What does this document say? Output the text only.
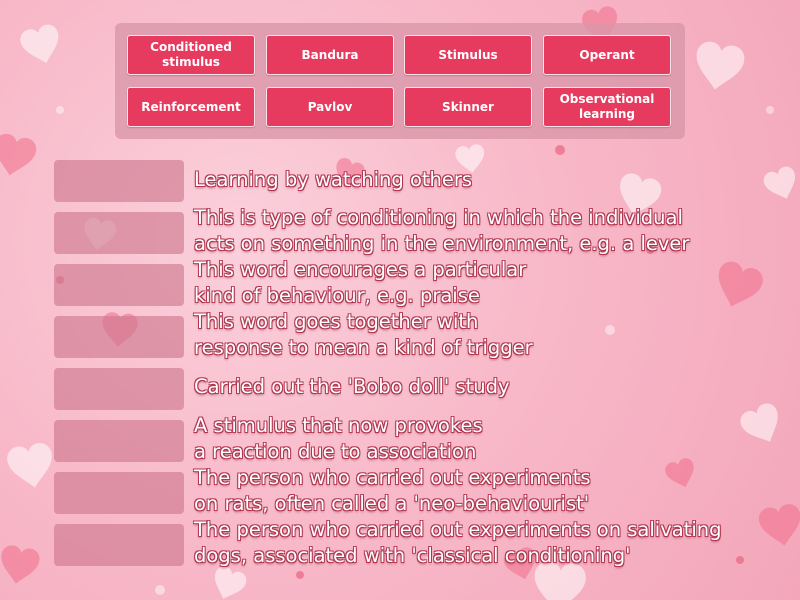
Conditioned stimulus
Bandura	Stimulus	Operant
Reinforcement	Pavlov	Skinner
Observational learning
Learning by watching others
This is type of conditioning in which the individual
acts on something in the environment, e.g. a lever
This word encourages a particular
kind of behaviour, e.g. praise
This word goes together with
response to mean a kind of trigger
Carried out the 'Bobo doll' study
A stimulus that now provokes
a reaction due to association
The person who carried out experiments
on rats, often called a 'neo-behaviourist'
The person who carried out experiments on salivating
dogs, associated with 'classical conditioning'
